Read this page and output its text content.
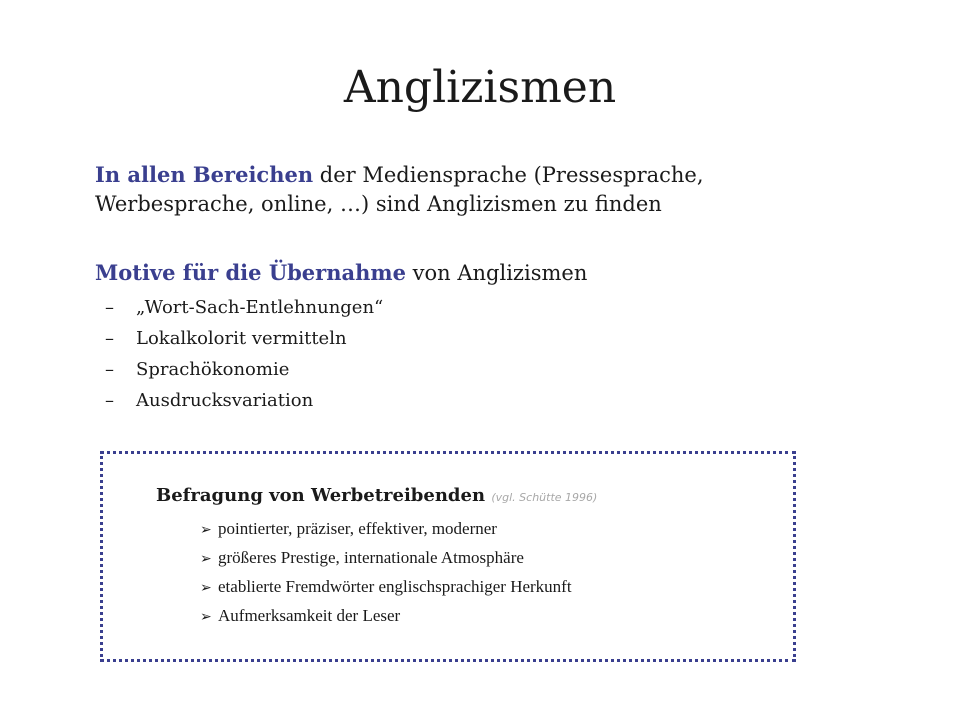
Anglizismen
In allen Bereichen der Mediensprache (Pressesprache, Werbesprache, online, …) sind Anglizismen zu finden
Motive für die Übernahme von Anglizismen
– „Wort-Sach-Entlehnungen“
– Lokalkolorit vermitteln
– Sprachökonomie
– Ausdrucksvariation
Befragung von Werbetreibenden (vgl. Schütte 1996)
➢ pointierter, präziser, effektiver, moderner
➢ größeres Prestige, internationale Atmosphäre
➢ etablierte Fremdwörter englischsprachiger Herkunft
➢ Aufmerksamkeit der Leser
